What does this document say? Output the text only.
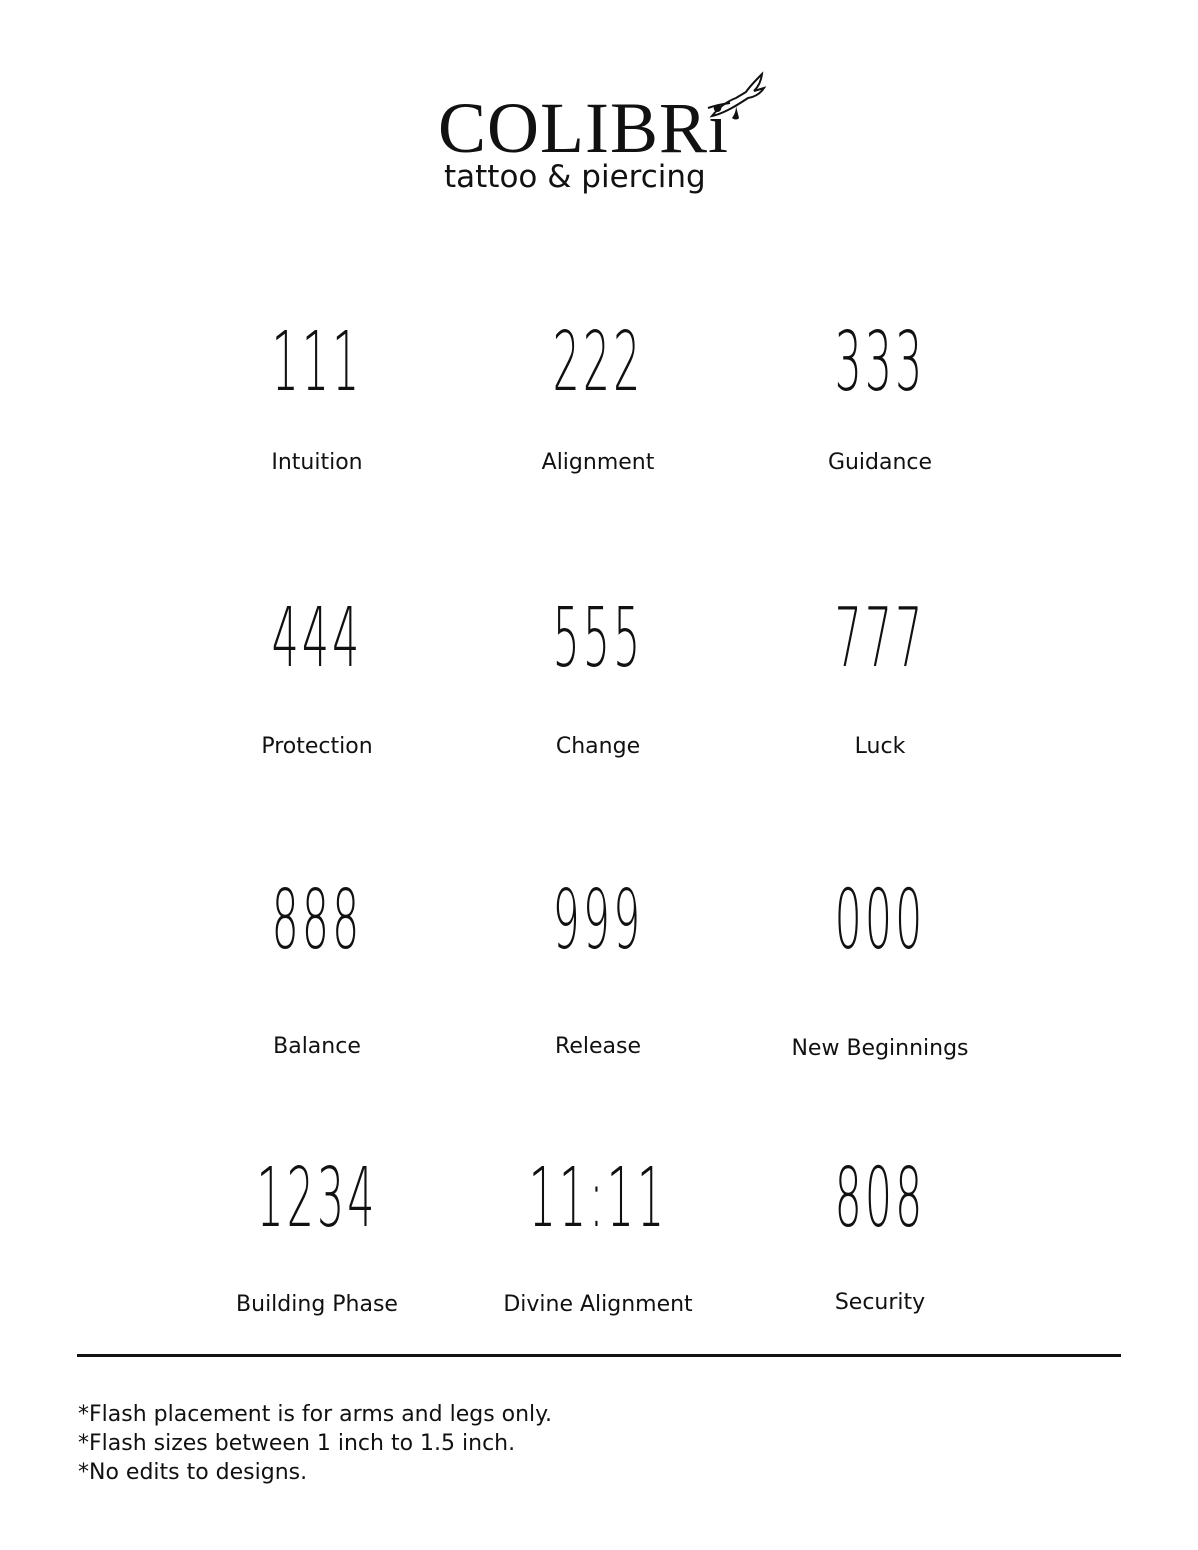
COLIBRi
tattoo & piercing
111
Intuition
222
Alignment
333
Guidance
444
Protection
555
Change
777
Luck
888
Balance
999
Release
000
New Beginnings
1234
Building Phase
11:11
Divine Alignment
808
Security
*Flash placement is for arms and legs only.
*Flash sizes between 1 inch to 1.5 inch.
*No edits to designs.
